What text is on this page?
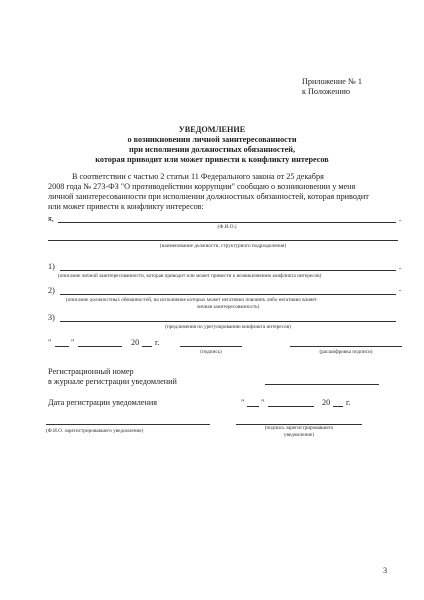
Приложение № 1
к Положению
УВЕДОМЛЕНИЕ
о возникновении личной заинтересованности
при исполнении должностных обязанностей,
которая приводит или может привести к конфликту интересов
В соответствии с частью 2 статьи 11 Федерального закона от 25 декабря
2008 года № 273-ФЗ "О противодействии коррупции" сообщаю о возникновении у меня
личной заинтересованности при исполнении должностных обязанностей, которая приводит
или может привести к конфликту интересов:
я,
(Ф.И.О.)
(наименование должности, структурного подразделения)
1)
(описание личной заинтересованности, которая приводит или может привести к возникновению конфликта интересов)
2)
(описание должностных обязанностей, на исполнение которых может негативно повлиять либо негативно влияет
личная заинтересованность)
3)
(предложения по урегулированию конфликта интересов)
" "	20 г.
(подпись)	(расшифровка подписи)
Регистрационный номер
в журнале регистрации уведомлений
Дата регистрации уведомления	" "	20 г.
(Ф.И.О. зарегистрировавшего уведомление)	(подпись зарегистрировавшего
уведомление)
3
